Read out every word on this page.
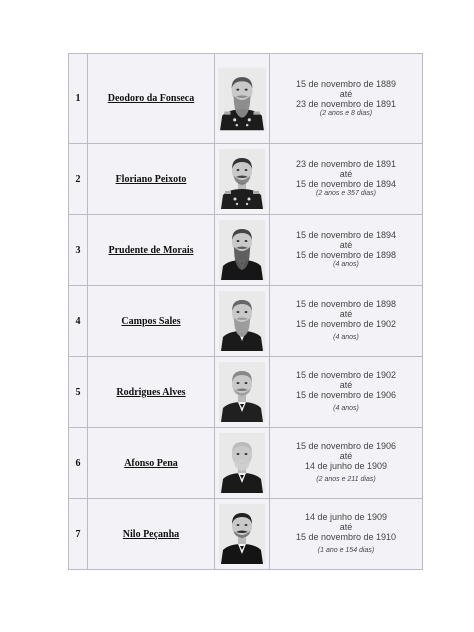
1	Deodoro da Fonseca		15 de novembro de 1889
até
23 de novembro de 1891
(2 anos e 8 dias)

2	Floriano Peixoto		23 de novembro de 1891
até
15 de novembro de 1894
(2 anos e 357 dias)

3	Prudente de Morais		15 de novembro de 1894
até
15 de novembro de 1898
(4 anos)

4	Campos Sales		15 de novembro de 1898
até
15 de novembro de 1902
(4 anos)

5	Rodrigues Alves		15 de novembro de 1902
até
15 de novembro de 1906
(4 anos)

6	Afonso Pena		15 de novembro de 1906
até
14 de junho de 1909
(2 anos e 211 dias)

7	Nilo Peçanha		14 de junho de 1909
até
15 de novembro de 1910
(1 ano e 154 dias)
